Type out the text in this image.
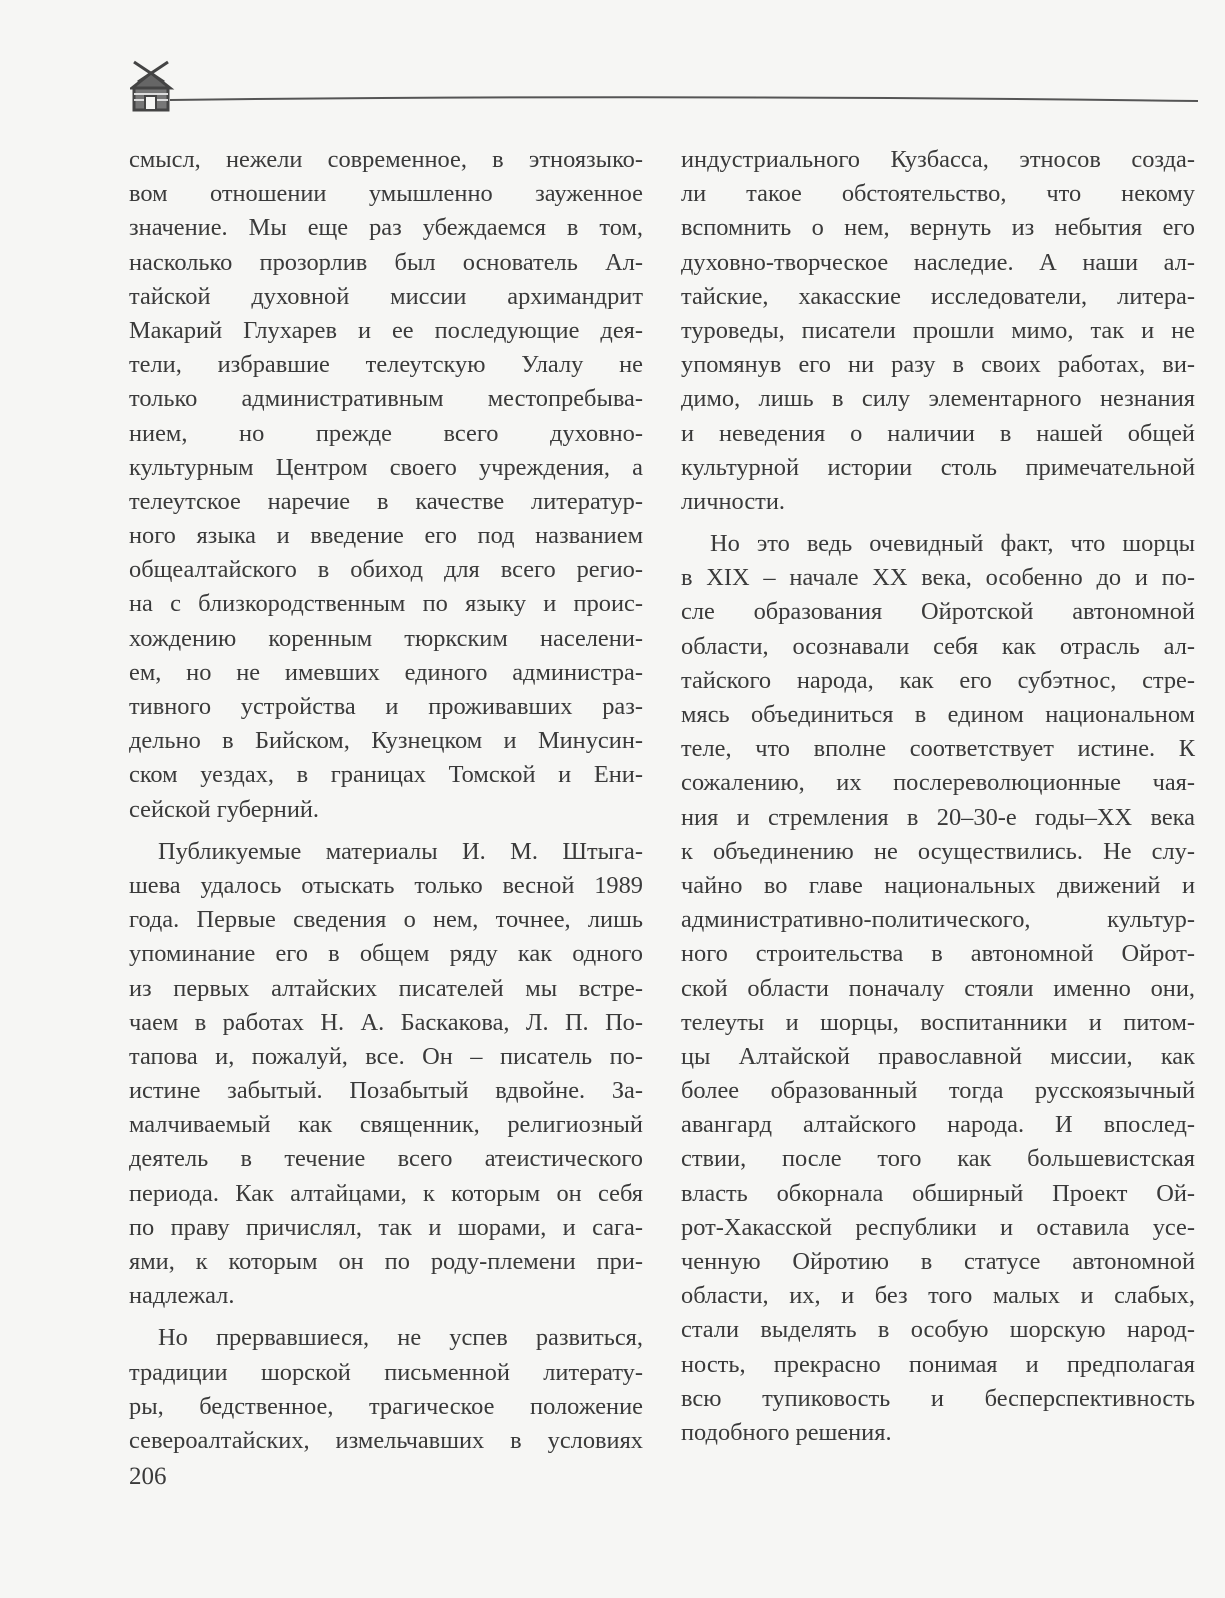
смысл, нежели современное, в этноязыко-
вом отношении умышленно зауженное
значение. Мы еще раз убеждаемся в том,
насколько прозорлив был основатель Ал-
тайской духовной миссии архимандрит
Макарий Глухарев и ее последующие дея-
тели, избравшие телеутскую Улалу не
только административным местопребыва-
нием, но прежде всего духовно-
культурным Центром своего учреждения, а
телеутское наречие в качестве литератур-
ного языка и введение его под названием
общеалтайского в обиход для всего регио-
на с близкородственным по языку и проис-
хождению коренным тюркским населени-
ем, но не имевших единого администра-
тивного устройства и проживавших раз-
дельно в Бийском, Кузнецком и Минусин-
ском уездах, в границах Томской и Ени-
сейской губерний.
Публикуемые материалы И. М. Штыга-
шева удалось отыскать только весной 1989
года. Первые сведения о нем, точнее, лишь
упоминание его в общем ряду как одного
из первых алтайских писателей мы встре-
чаем в работах Н. А. Баскакова, Л. П. По-
тапова и, пожалуй, все. Он – писатель по-
истине забытый. Позабытый вдвойне. За-
малчиваемый как священник, религиозный
деятель в течение всего атеистического
периода. Как алтайцами, к которым он себя
по праву причислял, так и шорами, и сага-
ями, к которым он по роду-племени при-
надлежал.
Но прервавшиеся, не успев развиться,
традиции шорской письменной литерату-
ры, бедственное, трагическое положение
североалтайских, измельчавших в условиях
индустриального Кузбасса, этносов созда-
ли такое обстоятельство, что некому
вспомнить о нем, вернуть из небытия его
духовно-творческое наследие. А наши ал-
тайские, хакасские исследователи, литера-
туроведы, писатели прошли мимо, так и не
упомянув его ни разу в своих работах, ви-
димо, лишь в силу элементарного незнания
и неведения о наличии в нашей общей
культурной истории столь примечательной
личности.
Но это ведь очевидный факт, что шорцы
в XIX – начале XX века, особенно до и по-
сле образования Ойротской автономной
области, осознавали себя как отрасль ал-
тайского народа, как его субэтнос, стре-
мясь объединиться в едином национальном
теле, что вполне соответствует истине. К
сожалению, их послереволюционные чая-
ния и стремления в 20–30-е годы–XX века
к объединению не осуществились. Не слу-
чайно во главе национальных движений и
административно-политического, культур-
ного строительства в автономной Ойрот-
ской области поначалу стояли именно они,
телеуты и шорцы, воспитанники и питом-
цы Алтайской православной миссии, как
более образованный тогда русскоязычный
авангард алтайского народа. И впослед-
ствии, после того как большевистская
власть обкорнала обширный Проект Ой-
рот-Хакасской республики и оставила усе-
ченную Ойротию в статусе автономной
области, их, и без того малых и слабых,
стали выделять в особую шорскую народ-
ность, прекрасно понимая и предполагая
всю тупиковость и бесперспективность
подобного решения.
206
